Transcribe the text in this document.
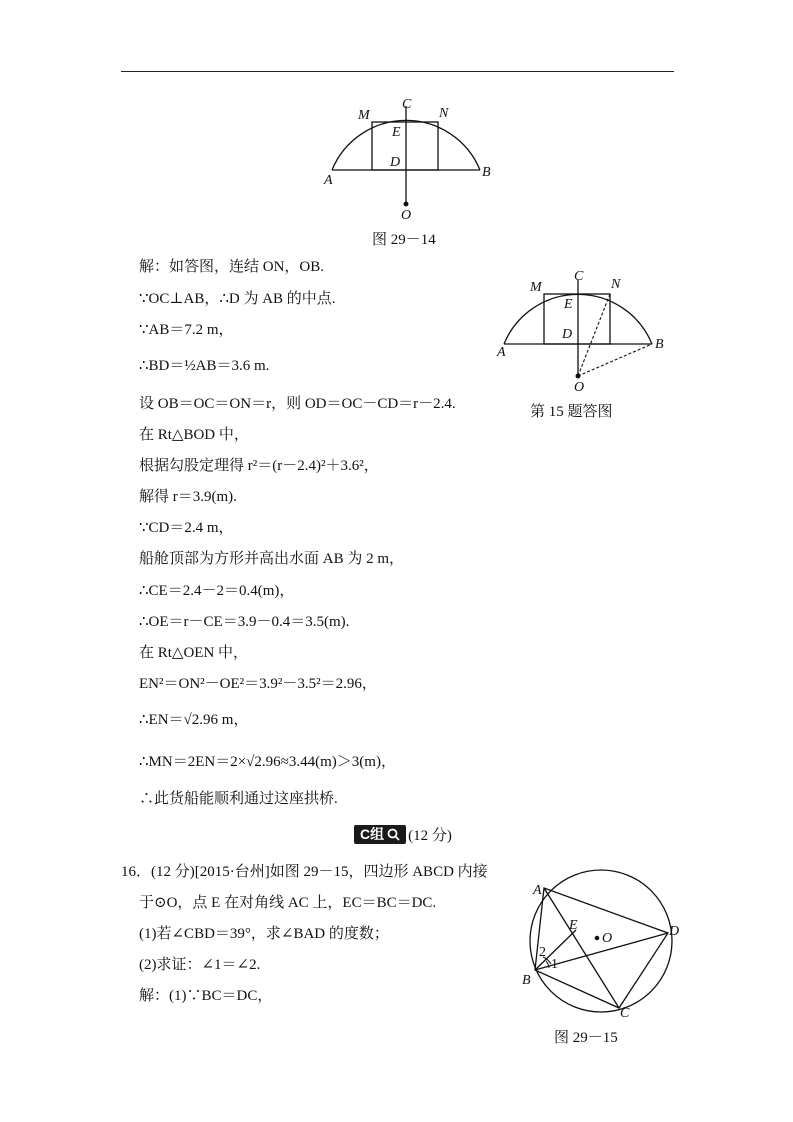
M
C
N
E
D
A
B
O
图 29－14
M
C
N
E
D
A
B
O
第 15 题答图
解：如答图，连结 ON，OB.
∵OC⊥AB，∴D 为 AB 的中点.
∵AB＝7.2 m，
∴BD＝½AB＝3.6 m.
设 OB＝OC＝ON＝r，则 OD＝OC－CD＝r－2.4.
在 Rt△BOD 中，
根据勾股定理得 r²＝(r－2.4)²＋3.6²，
解得 r＝3.9(m).
∵CD＝2.4 m，
船舱顶部为方形并高出水面 AB 为 2 m，
∴CE＝2.4－2＝0.4(m)，
∴OE＝r－CE＝3.9－0.4＝3.5(m).
在 Rt△OEN 中，
EN²＝ON²－OE²＝3.9²－3.5²＝2.96，
∴EN＝√2.96 m，
∴MN＝2EN＝2×√2.96≈3.44(m)＞3(m)，
∴此货船能顺利通过这座拱桥.
C组 (12 分)
16．(12 分)[2015·台州]如图 29－15，四边形 ABCD 内接
于⊙O，点 E 在对角线 AC 上，EC＝BC＝DC.
(1)若∠CBD＝39°，求∠BAD 的度数；
(2)求证：∠1＝∠2.
解：(1)∵BC＝DC，
A
E
O	D
B
C
1
2
图 29－15
